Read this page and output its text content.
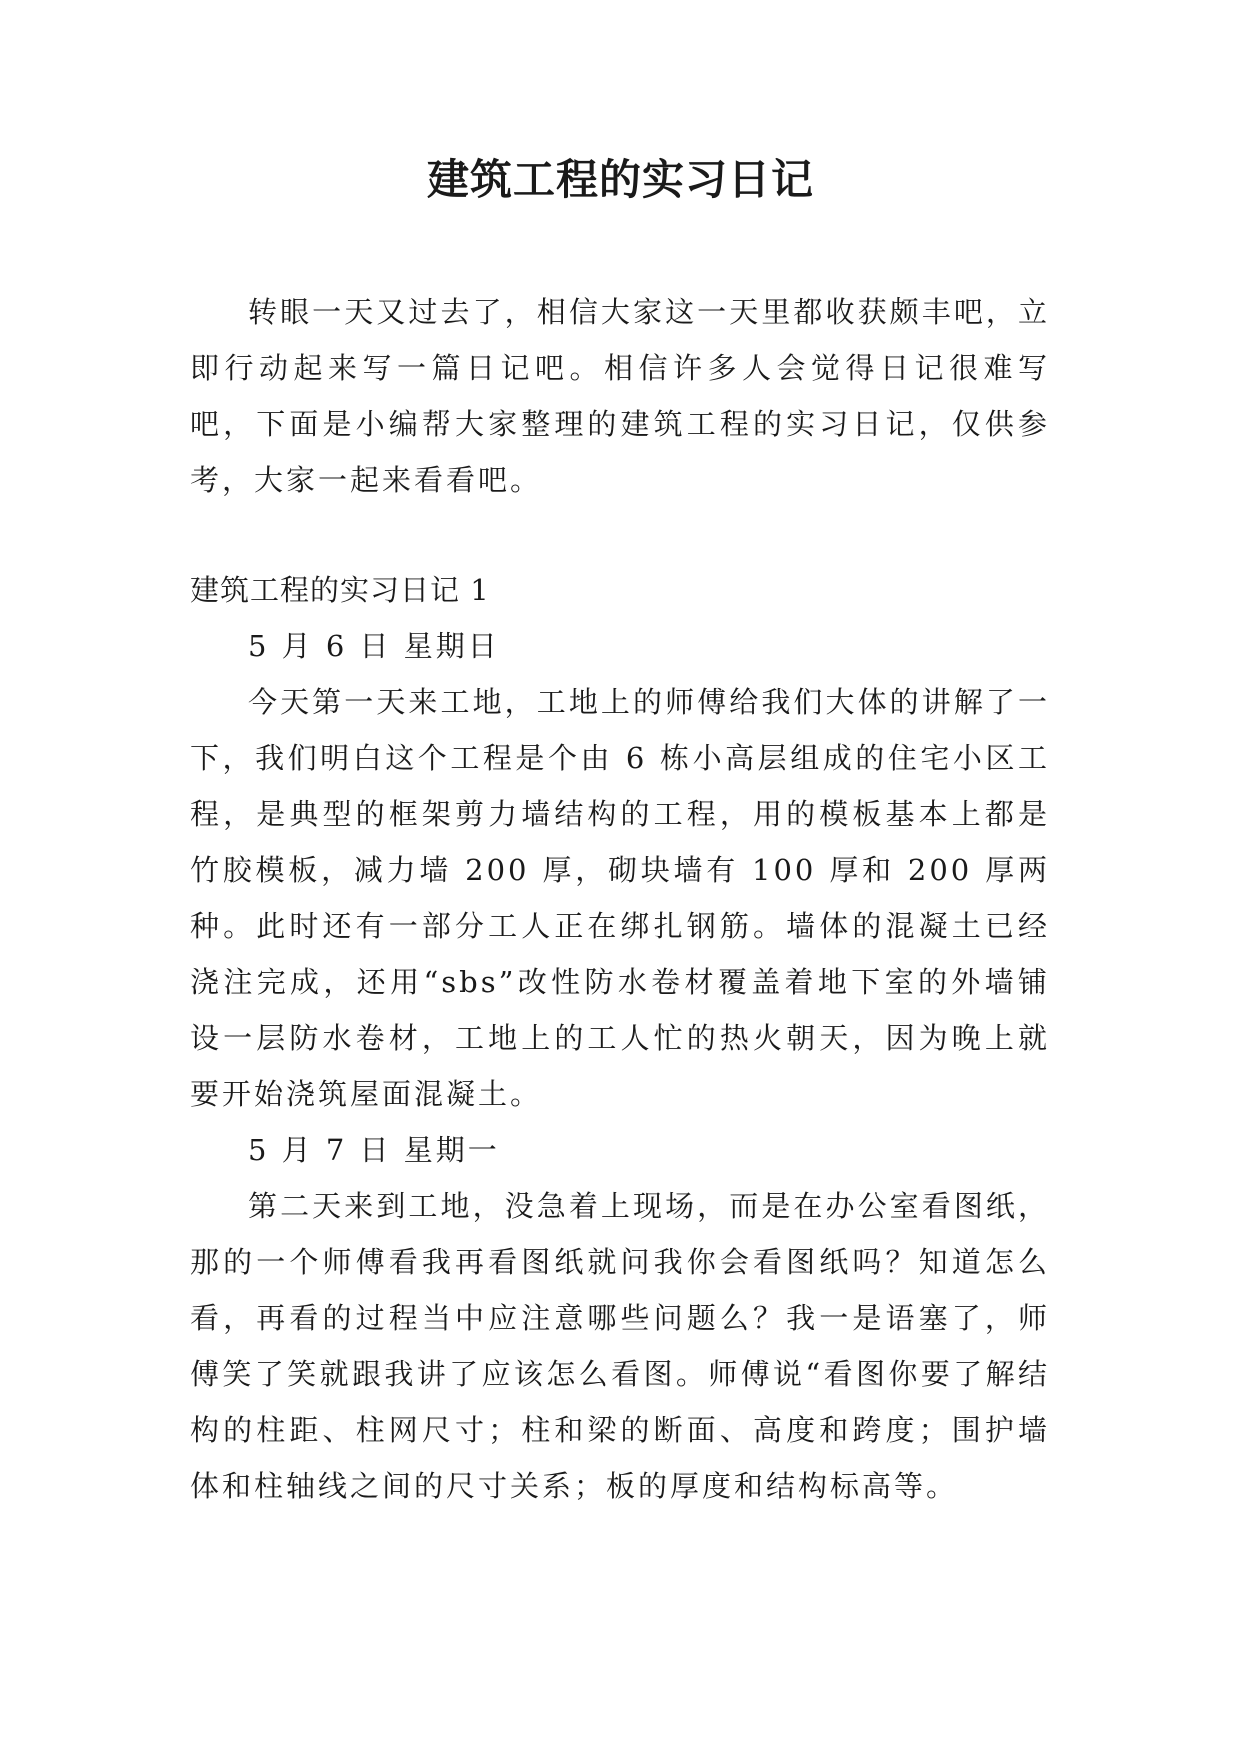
建筑工程的实习日记

转眼一天又过去了，相信大家这一天里都收获颇丰吧，立即行动起来写一篇日记吧。相信许多人会觉得日记很难写吧，下面是小编帮大家整理的建筑工程的实习日记，仅供参考，大家一起来看看吧。

建筑工程的实习日记 1

5 月 6 日 星期日

今天第一天来工地，工地上的师傅给我们大体的讲解了一下，我们明白这个工程是个由 6 栋小高层组成的住宅小区工程，是典型的框架剪力墙结构的工程，用的模板基本上都是竹胶模板，减力墙 200 厚，砌块墙有 100 厚和 200 厚两种。此时还有一部分工人正在绑扎钢筋。墙体的混凝土已经浇注完成，还用“sbs”改性防水卷材覆盖着地下室的外墙铺设一层防水卷材，工地上的工人忙的热火朝天，因为晚上就要开始浇筑屋面混凝土。

5 月 7 日 星期一

第二天来到工地，没急着上现场，而是在办公室看图纸，那的一个师傅看我再看图纸就问我你会看图纸吗？知道怎么看，再看的过程当中应注意哪些问题么？我一是语塞了，师傅笑了笑就跟我讲了应该怎么看图。师傅说“看图你要了解结构的柱距、柱网尺寸；柱和梁的断面、高度和跨度；围护墙体和柱轴线之间的尺寸关系；板的厚度和结构标高等。
